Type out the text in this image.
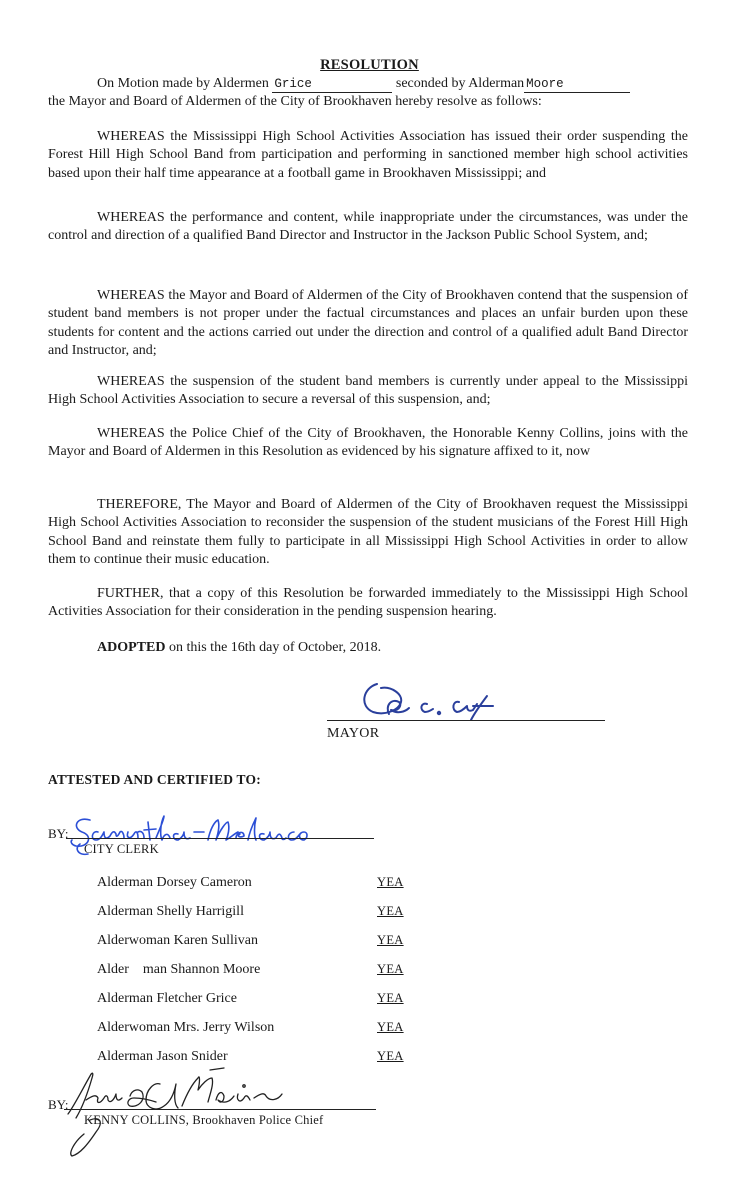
RESOLUTION
On Motion made by Aldermen Grice	seconded by Alderman Moore
the Mayor and Board of Aldermen of the City of Brookhaven hereby resolve as follows:

WHEREAS the Mississippi High School Activities Association has issued their order suspending the Forest Hill High School Band from participation and performing in sanctioned member high school activities based upon their half time appearance at a football game in Brookhaven Mississippi; and

WHEREAS the performance and content, while inappropriate under the circumstances, was under the control and direction of a qualified Band Director and Instructor in the Jackson Public School System, and;

WHEREAS the Mayor and Board of Aldermen of the City of Brookhaven contend that the suspension of student band members is not proper under the factual circumstances and places an unfair burden upon these students for content and the actions carried out under the direction and control of a qualified adult Band Director and Instructor, and;

WHEREAS the suspension of the student band members is currently under appeal to the Mississippi High School Activities Association to secure a reversal of this suspension, and;

WHEREAS the Police Chief of the City of Brookhaven, the Honorable Kenny Collins, joins with the Mayor and Board of Aldermen in this Resolution as evidenced by his signature affixed to it, now

THEREFORE, The Mayor and Board of Aldermen of the City of Brookhaven request the Mississippi High School Activities Association to reconsider the suspension of the student musicians of the Forest Hill High School Band and reinstate them fully to participate in all Mississippi High School Activities in order to allow them to continue their music education.

FURTHER, that a copy of this Resolution be forwarded immediately to the Mississippi High School Activities Association for their consideration in the pending suspension hearing.

ADOPTED on this the 16th day of October, 2018.

MAYOR
ATTESTED AND CERTIFIED TO:
BY:
CITY CLERK
Alderman Dorsey Cameron	YEA
Alderman Shelly Harrigill	YEA
Alderwoman Karen Sullivan	YEA
Alder    man Shannon Moore	YEA
Alderman Fletcher Grice	YEA
Alderwoman Mrs. Jerry Wilson	YEA
Alderman Jason Snider	YEA
BY:
KENNY COLLINS, Brookhaven Police Chief
